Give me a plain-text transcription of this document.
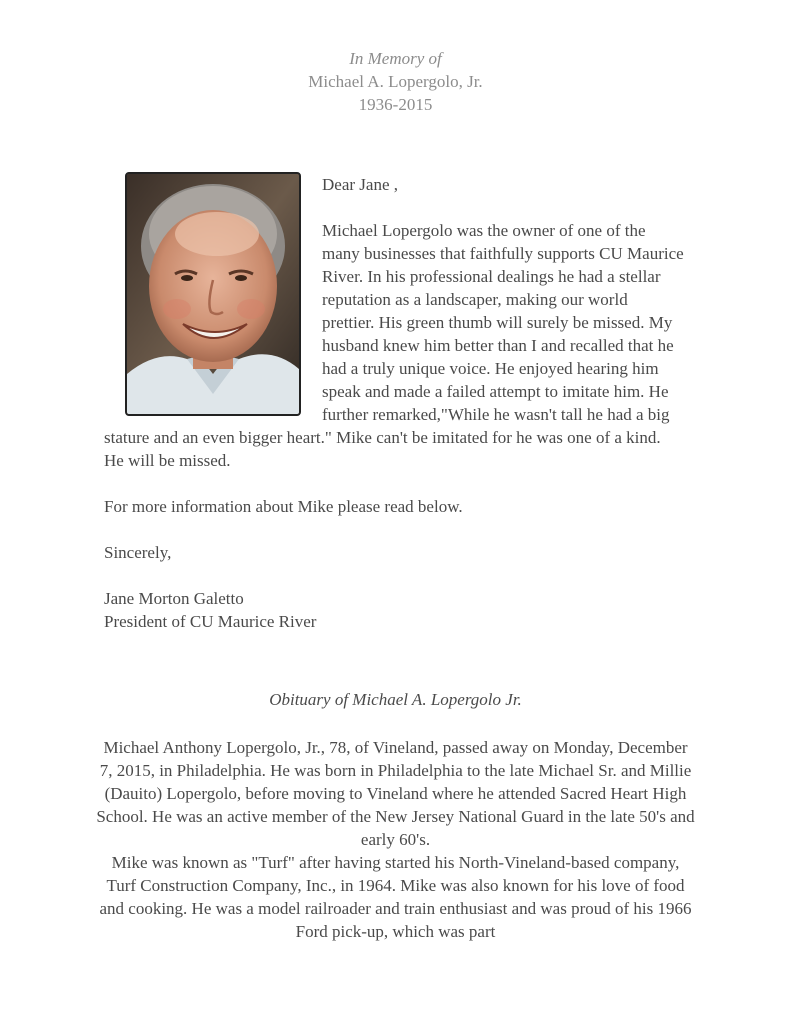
In Memory of
Michael A. Lopergolo, Jr.
1936-2015

Dear Jane ,

Michael Lopergolo was the owner of one of the many businesses that faithfully supports CU Maurice River. In his professional dealings he had a stellar reputation as a landscaper, making our world prettier. His green thumb will surely be missed. My husband knew him better than I and recalled that he had a truly unique voice. He enjoyed hearing him speak and made a failed attempt to imitate him. He further remarked,"While he wasn't tall he had a big stature and an even bigger heart." Mike can't be imitated for he was one of a kind. He will be missed.

For more information about Mike please read below.

Sincerely,

Jane Morton Galetto
President of CU Maurice River

Obituary of Michael A. Lopergolo Jr.

Michael Anthony Lopergolo, Jr., 78, of Vineland, passed away on Monday, December 7, 2015, in Philadelphia. He was born in Philadelphia to the late Michael Sr. and Millie (Dauito) Lopergolo, before moving to Vineland where he attended Sacred Heart High School. He was an active member of the New Jersey National Guard in the late 50's and early 60's.

Mike was known as "Turf" after having started his North-Vineland-based company, Turf Construction Company, Inc., in 1964. Mike was also known for his love of food and cooking. He was a model railroader and train enthusiast and was proud of his 1966 Ford pick-up, which was part
